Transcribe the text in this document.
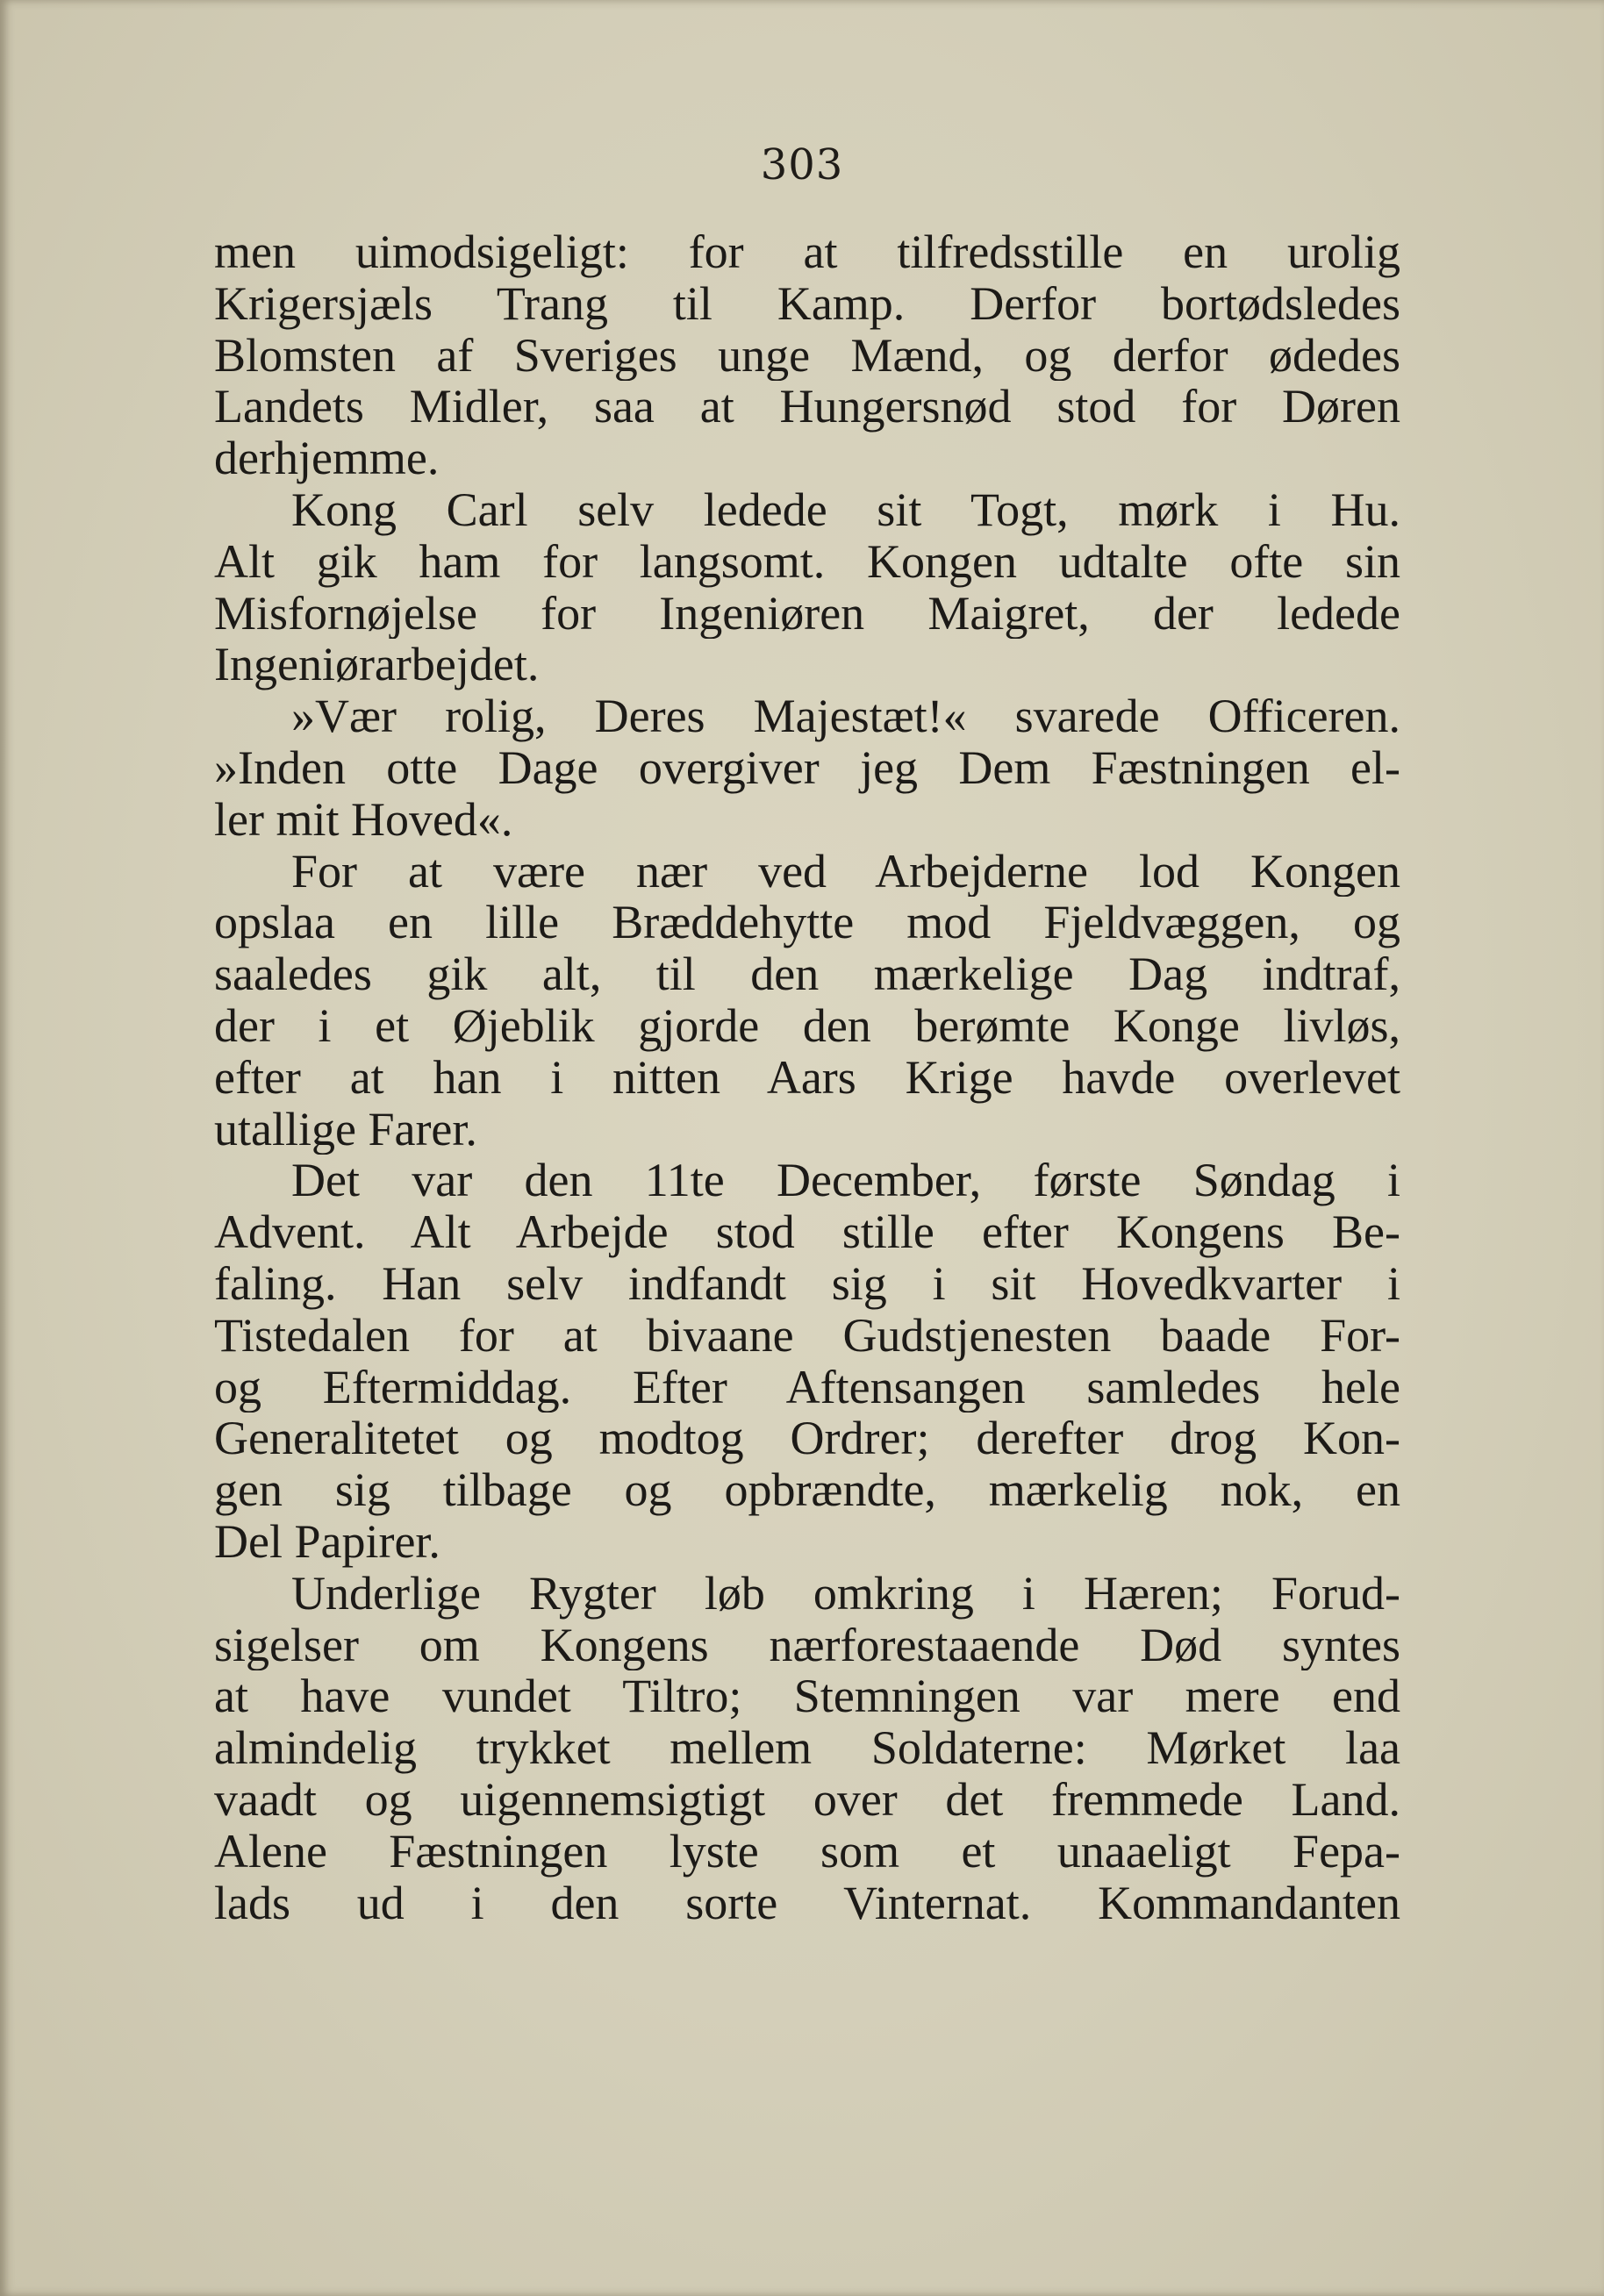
303
men uimodsigeligt: for at tilfredsstille en urolig
Krigersjæls Trang til Kamp. Derfor bortødsledes
Blomsten af Sveriges unge Mænd, og derfor ødedes
Landets Midler, saa at Hungersnød stod for Døren
derhjemme.
Kong Carl selv ledede sit Togt, mørk i Hu.
Alt gik ham for langsomt. Kongen udtalte ofte sin
Misfornøjelse for Ingeniøren Maigret, der ledede
Ingeniørarbejdet.
»Vær rolig, Deres Majestæt!« svarede Officeren.
»Inden otte Dage overgiver jeg Dem Fæstningen el-
ler mit Hoved«.
For at være nær ved Arbejderne lod Kongen
opslaa en lille Bræddehytte mod Fjeldvæggen, og
saaledes gik alt, til den mærkelige Dag indtraf,
der i et Øjeblik gjorde den berømte Konge livløs,
efter at han i nitten Aars Krige havde overlevet
utallige Farer.
Det var den 11te December, første Søndag i
Advent. Alt Arbejde stod stille efter Kongens Be-
faling. Han selv indfandt sig i sit Hovedkvarter i
Tistedalen for at bivaane Gudstjenesten baade For-
og Eftermiddag. Efter Aftensangen samledes hele
Generalitetet og modtog Ordrer; derefter drog Kon-
gen sig tilbage og opbrændte, mærkelig nok, en
Del Papirer.
Underlige Rygter løb omkring i Hæren; Forud-
sigelser om Kongens nærforestaaende Død syntes
at have vundet Tiltro; Stemningen var mere end
almindelig trykket mellem Soldaterne: Mørket laa
vaadt og uigennemsigtigt over det fremmede Land.
Alene Fæstningen lyste som et unaaeligt Fepa-
lads ud i den sorte Vinternat. Kommandanten
